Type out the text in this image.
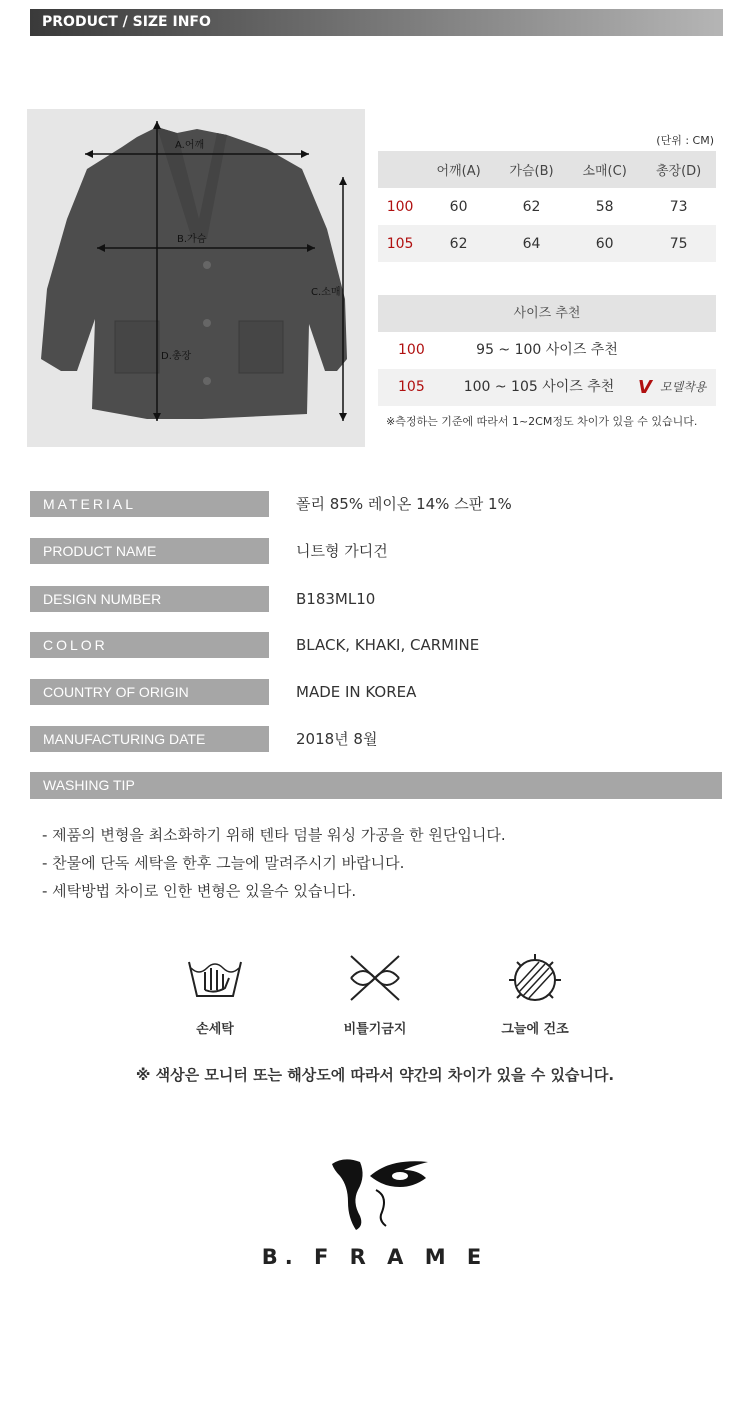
PRODUCT / SIZE INFO
A.어깨
B.가슴
C.소매
D.총장
(단위 : CM)
	어깨(A)	가슴(B)	소매(C)	총장(D)
100	60	62	58	73
105	62	64	60	75
사이즈 추천
100	95 ~ 100 사이즈 추천
105	100 ~ 105 사이즈 추천	V 모델착용
※측정하는 기준에 따라서 1~2CM정도 차이가 있을 수 있습니다.
MATERIAL	폴리 85% 레이온 14% 스판 1%
PRODUCT NAME	니트형 가디건
DESIGN NUMBER	B183ML10
COLOR	BLACK, KHAKI, CARMINE
COUNTRY OF ORIGIN	MADE IN KOREA
MANUFACTURING DATE	2018년 8월
WASHING TIP
- 제품의 변형을 최소화하기 위해 텐타 덤블 워싱 가공을 한 원단입니다.
- 찬물에 단독 세탁을 한후 그늘에 말려주시기 바랍니다.
- 세탁방법 차이로 인한 변형은 있을수 있습니다.
손세탁	비틀기금지	그늘에 건조
※ 색상은 모니터 또는 해상도에 따라서 약간의 차이가 있을 수 있습니다.
B. F R A M E
